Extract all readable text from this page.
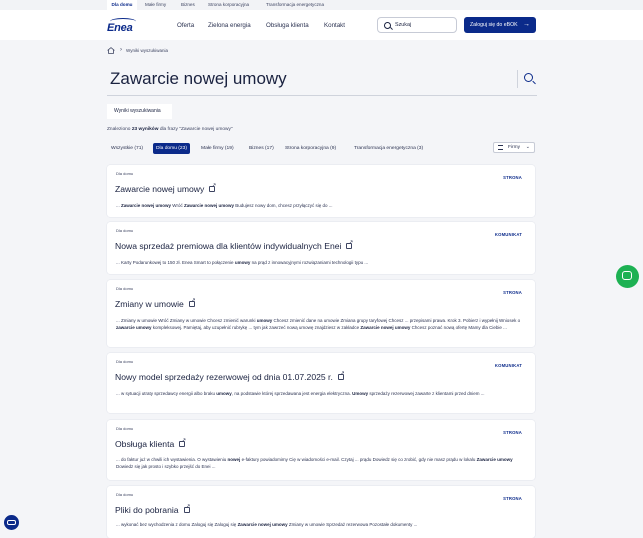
Dla domu	Małe firmy	Biznes	Strona korporacyjna	Transformacja energetyczna
Enea	Oferta Zielona energia Obsługa klienta Kontakt	Szukaj	Zaloguj się do eBOK →
› Wyniki wyszukiwania
Zawarcie nowej umowy
Wyniki wyszukiwania
Znaleziono 23 wyników dla frazy "Zawarcie nowej umowy"
Wszystkie (71)	Dla domu (23)	Małe firmy (19)	Biznes (17) Strona korporacyjna (9)	Transformacja energetyczna (3)	Firmy ⌄
Dla domu
STRONA
Zawarcie nowej umowy↗
... Zawarcie nowej umowy Wróć Zawarcie nowej umowy Budujesz nowy dom, chcesz przyłączyć się do ...
Dla domu
KOMUNIKAT
Nowa sprzedaż premiowa dla klientów indywidualnych Enei↗
... Karty Podarunkowej to 150 zł. Enea Smart to połączenie umowy na prąd z innowacyjnymi rozwiązaniami technologii typu ...
Dla domu
STRONA
Zmiany w umowie↗
... Zmiany w umowie Wróć Zmiany w umowie Chcesz zmienić warunki umowy Chcesz zmienić dane na umowie Zmiana grupy taryfowej Chcesz ... przepisami prawa. Krok 3. Pobierz i wypełnij Wniosek o zawarcie umowy kompleksowej. Pamiętaj, aby uzupełnić rubrykę ... tym jak zawrzeć nową umowę znajdziesz w zakładce Zawarcie nowej umowy Chcesz poznać nową ofertę Mamy dla Ciebie ...
Dla domu
KOMUNIKAT
Nowy model sprzedaży rezerwowej od dnia 01.07.2025 r.↗
... w sytuacji utraty sprzedawcy energii albo braku umowy, na podstawie której sprzedawana jest energia elektryczna. Umowy sprzedaży rezerwowej zawarte z klientami przed dniem ...
Dla domu
STRONA
Obsługa klienta↗
... do faktur już w chwili ich wystawienia. O wystawieniu nowej e-faktury powiadomimy Cię w wiadomości e-mail. Czytaj ... prądu Dowiedz się co zrobić, gdy nie masz prądu w lokalu Zawarcie umowy Dowiedz się jak prosto i szybko przejść do Enei ...
Dla domu
STRONA
Pliki do pobrania↗
... wykonać bez wychodzenia z domu Zaloguj się Zaloguj się Zawarcie nowej umowy Zmiany w umowie Sprzedaż rezerwowa Pozostałe dokumenty ...
